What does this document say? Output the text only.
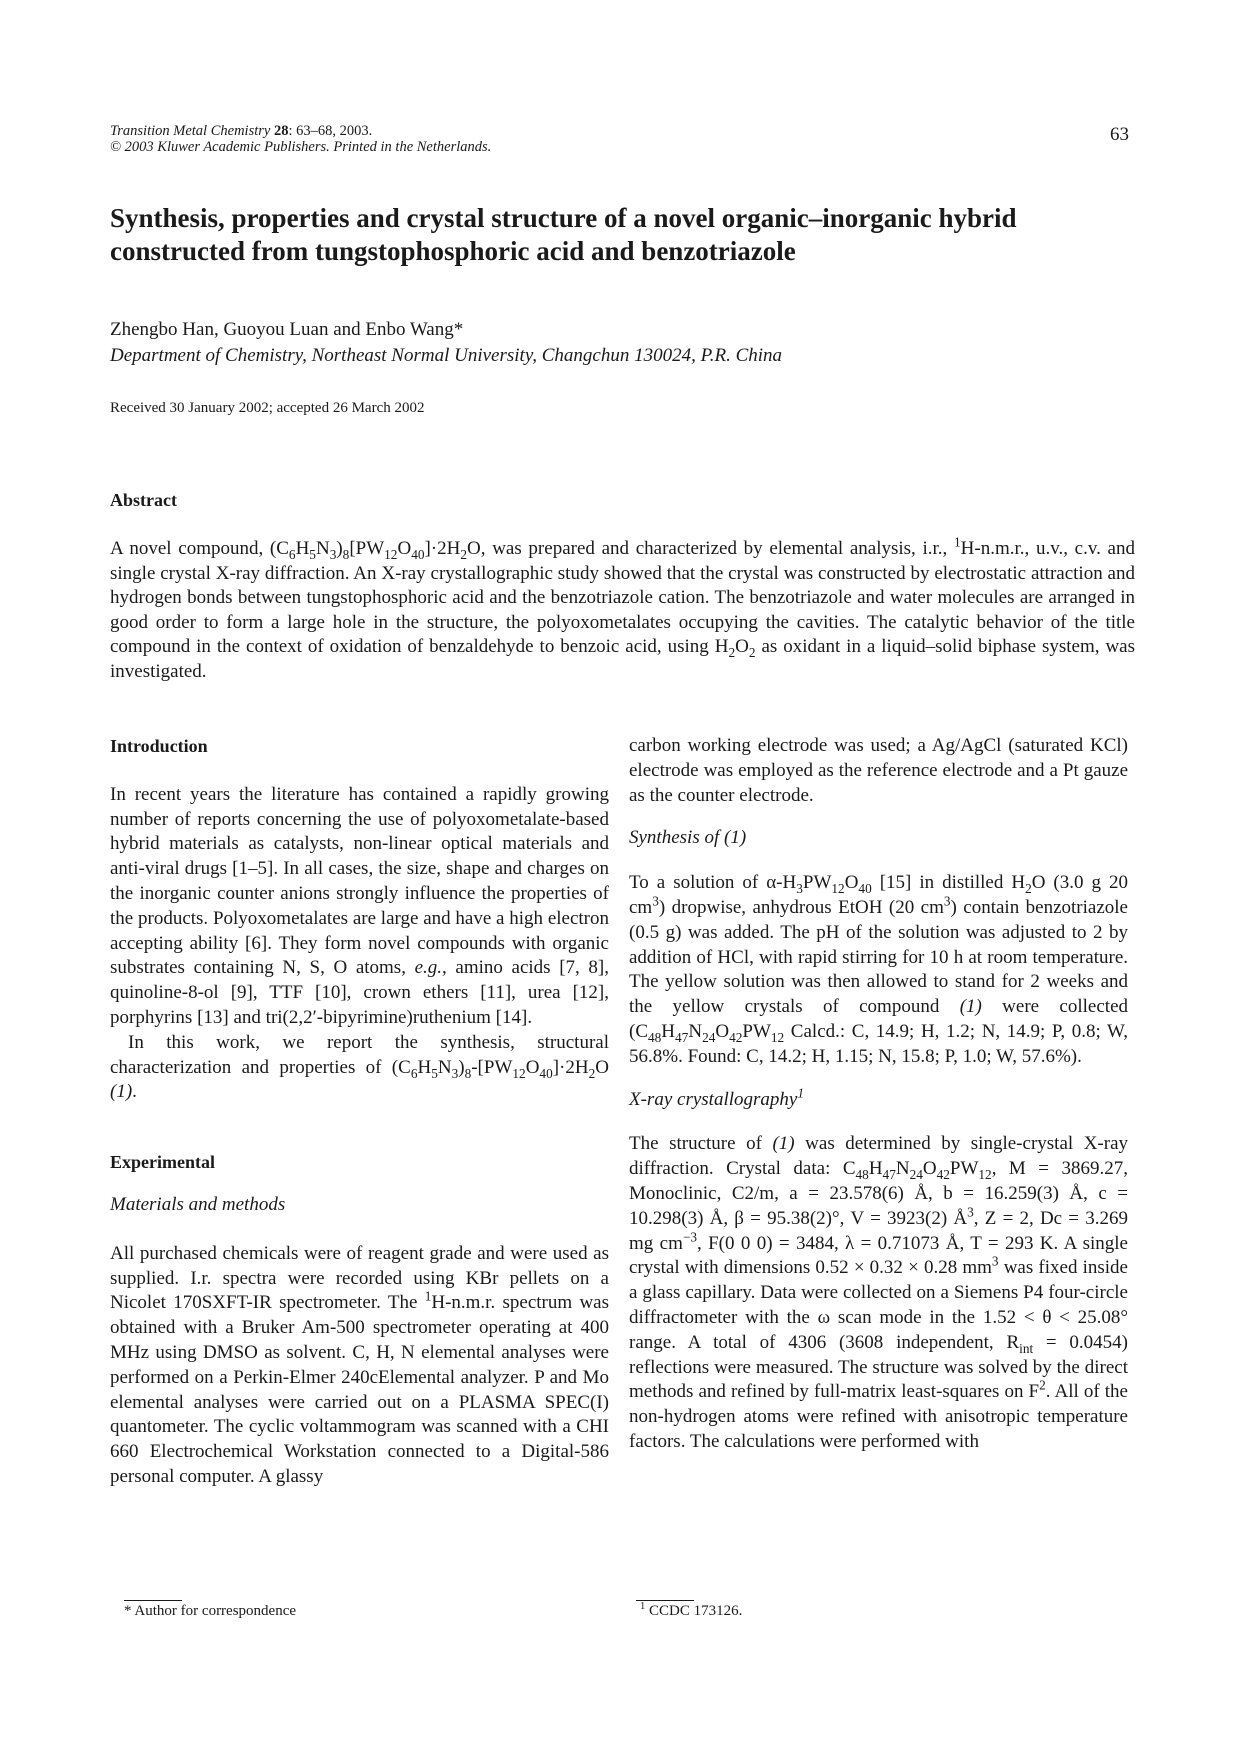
Transition Metal Chemistry 28: 63–68, 2003.
© 2003 Kluwer Academic Publishers. Printed in the Netherlands.
63
Synthesis, properties and crystal structure of a novel organic–inorganic hybrid constructed from tungstophosphoric acid and benzotriazole
Zhengbo Han, Guoyou Luan and Enbo Wang*
Department of Chemistry, Northeast Normal University, Changchun 130024, P.R. China
Received 30 January 2002; accepted 26 March 2002
Abstract

A novel compound, $(C_6H_5N_3)_8[PW_{12}O_{40}]\cdot 2H_2O$, was prepared and characterized by elemental analysis, i.r., $^1$H-n.m.r., u.v., c.v. and single crystal X-ray diffraction. An X-ray crystallographic study showed that the crystal was constructed by electrostatic attraction and hydrogen bonds between tungstophosphoric acid and the benzotriazole cation. The benzotriazole and water molecules are arranged in good order to form a large hole in the structure, the polyoxometalates occupying the cavities. The catalytic behavior of the title compound in the context of oxidation of benzaldehyde to benzoic acid, using $H_2O_2$ as oxidant in a liquid–solid biphase system, was investigated.

Introduction

In recent years the literature has contained a rapidly growing number of reports concerning the use of polyoxometalate-based hybrid materials as catalysts, non-linear optical materials and anti-viral drugs [1–5]. In all cases, the size, shape and charges on the inorganic counter anions strongly influence the properties of the products. Polyoxometalates are large and have a high electron accepting ability [6]. They form novel compounds with organic substrates containing N, S, O atoms, e.g., amino acids [7, 8], quinoline-8-ol [9], TTF [10], crown ethers [11], urea [12], porphyrins [13] and tri(2,2′-bipyrimine)ruthenium [14].

In this work, we report the synthesis, structural characterization and properties of $(C_6H_5N_3)_8-[PW_{12}O_{40}]\cdot 2H_2O$ (1).

Experimental

Materials and methods

All purchased chemicals were of reagent grade and were used as supplied. I.r. spectra were recorded using KBr pellets on a Nicolet 170SXFT-IR spectrometer. The $^1$H-n.m.r. spectrum was obtained with a Bruker Am-500 spectrometer operating at 400 MHz using DMSO as solvent. C, H, N elemental analyses were performed on a Perkin-Elmer 240cElemental analyzer. P and Mo elemental analyses were carried out on a PLASMA SPEC(I) quantometer. The cyclic voltammogram was scanned with a CHI 660 Electrochemical Workstation connected to a Digital-586 personal computer. A glassy

* Author for correspondence

carbon working electrode was used; a Ag/AgCl (saturated KCl) electrode was employed as the reference electrode and a Pt gauze as the counter electrode.

Synthesis of (1)

To a solution of $\alpha-H_3PW_{12}O_{40}$ [15] in distilled $H_2O$ (3.0 g 20 $cm^3$) dropwise, anhydrous EtOH (20 $cm^3$) contain benzotriazole (0.5 g) was added. The pH of the solution was adjusted to 2 by addition of HCl, with rapid stirring for 10 h at room temperature. The yellow solution was then allowed to stand for 2 weeks and the yellow crystals of compound (1) were collected ($C_{48}H_{47}N_{24}O_{42}PW_{12}$ Calcd.: C, 14.9; H, 1.2; N, 14.9; P, 0.8; W, 56.8%. Found: C, 14.2; H, 1.15; N, 15.8; P, 1.0; W, 57.6%).

X-ray crystallography$^1$

The structure of (1) was determined by single-crystal X-ray diffraction. Crystal data: $C_{48}H_{47}N_{24}O_{42}PW_{12}$, M = 3869.27, Monoclinic, C2/m, a = 23.578(6) Å, b = 16.259(3) Å, c = 10.298(3) Å, β = 95.38(2)°, V = 3923(2) $Å^3$, Z = 2, Dc = 3.269 mg $cm^{-3}$, F(0 0 0) = 3484, λ = 0.71073 Å, T = 293 K. A single crystal with dimensions 0.52 × 0.32 × 0.28 $mm^3$ was fixed inside a glass capillary. Data were collected on a Siemens P4 four-circle diffractometer with the ω scan mode in the 1.52 < θ < 25.08° range. A total of 4306 (3608 independent, $R_{int} = 0.0454$) reflections were measured. The structure was solved by the direct methods and refined by full-matrix least-squares on $F^2$. All of the non-hydrogen atoms were refined with anisotropic temperature factors. The calculations were performed with

$^1$ CCDC 173126.
